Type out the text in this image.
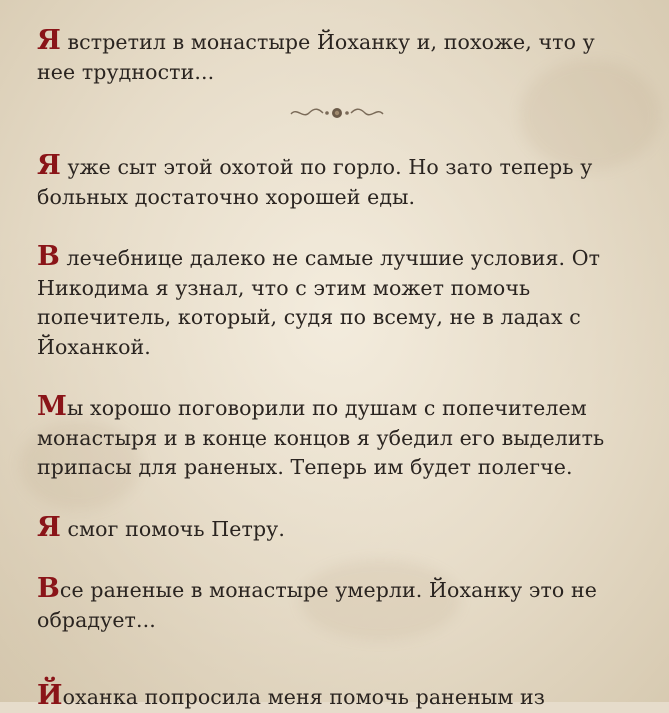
Я встретил в монастыре Йоханку и, похоже, что у нее трудности...

Я уже сыт этой охотой по горло. Но зато теперь у больных достаточно хорошей еды.

В лечебнице далеко не самые лучшие условия. От Никодима я узнал, что с этим может помочь попечитель, который, судя по всему, не в ладах с Йоханкой.

Мы хорошо поговорили по душам с попечителем монастыря и в конце концов я убедил его выделить припасы для раненых. Теперь им будет полегче.

Я смог помочь Петру.

Все раненые в монастыре умерли. Йоханку это не обрадует...

Йоханка попросила меня помочь раненым из
